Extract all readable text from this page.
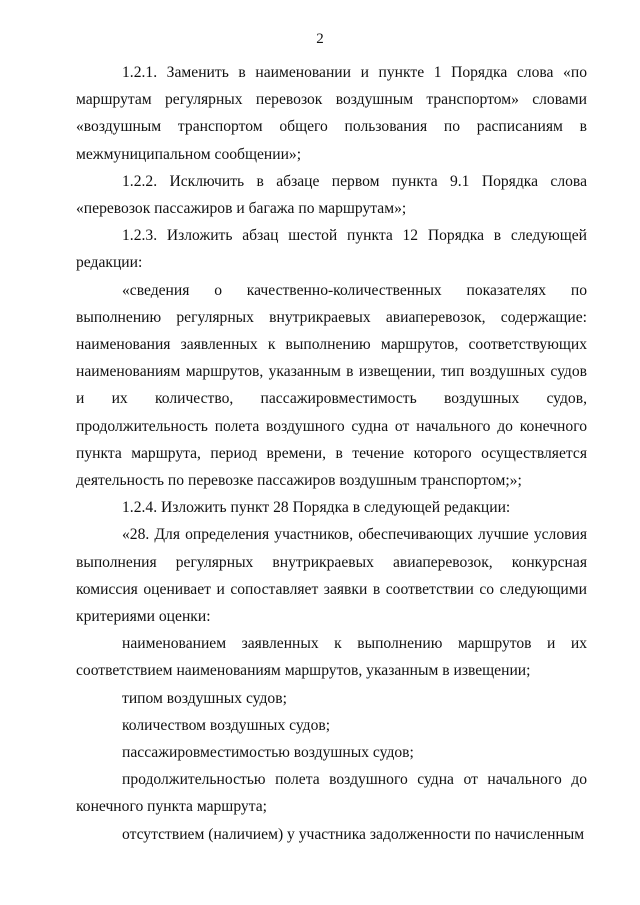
2

1.2.1. Заменить в наименовании и пункте 1 Порядка слова «по маршрутам регулярных перевозок воздушным транспортом» словами «воздушным транспортом общего пользования по расписаниям в межмуниципальном сообщении»;

1.2.2. Исключить в абзаце первом пункта 9.1 Порядка слова «перевозок пассажиров и багажа по маршрутам»;

1.2.3. Изложить абзац шестой пункта 12 Порядка в следующей редакции:

«сведения о качественно-количественных показателях по выполнению регулярных внутрикраевых авиаперевозок, содержащие: наименования заявленных к выполнению маршрутов, соответствующих наименованиям маршрутов, указанным в извещении, тип воздушных судов и их количество, пассажировместимость воздушных судов, продолжительность полета воздушного судна от начального до конечного пункта маршрута, период времени, в течение которого осуществляется деятельность по перевозке пассажиров воздушным транспортом;»;

1.2.4. Изложить пункт 28 Порядка в следующей редакции:

«28. Для определения участников, обеспечивающих лучшие условия выполнения регулярных внутрикраевых авиаперевозок, конкурсная комиссия оценивает и сопоставляет заявки в соответствии со следующими критериями оценки:

наименованием заявленных к выполнению маршрутов и их соответствием наименованиям маршрутов, указанным в извещении;

типом воздушных судов;

количеством воздушных судов;

пассажировместимостью воздушных судов;

продолжительностью полета воздушного судна от начального до конечного пункта маршрута;

отсутствием (наличием) у участника задолженности по начисленным
